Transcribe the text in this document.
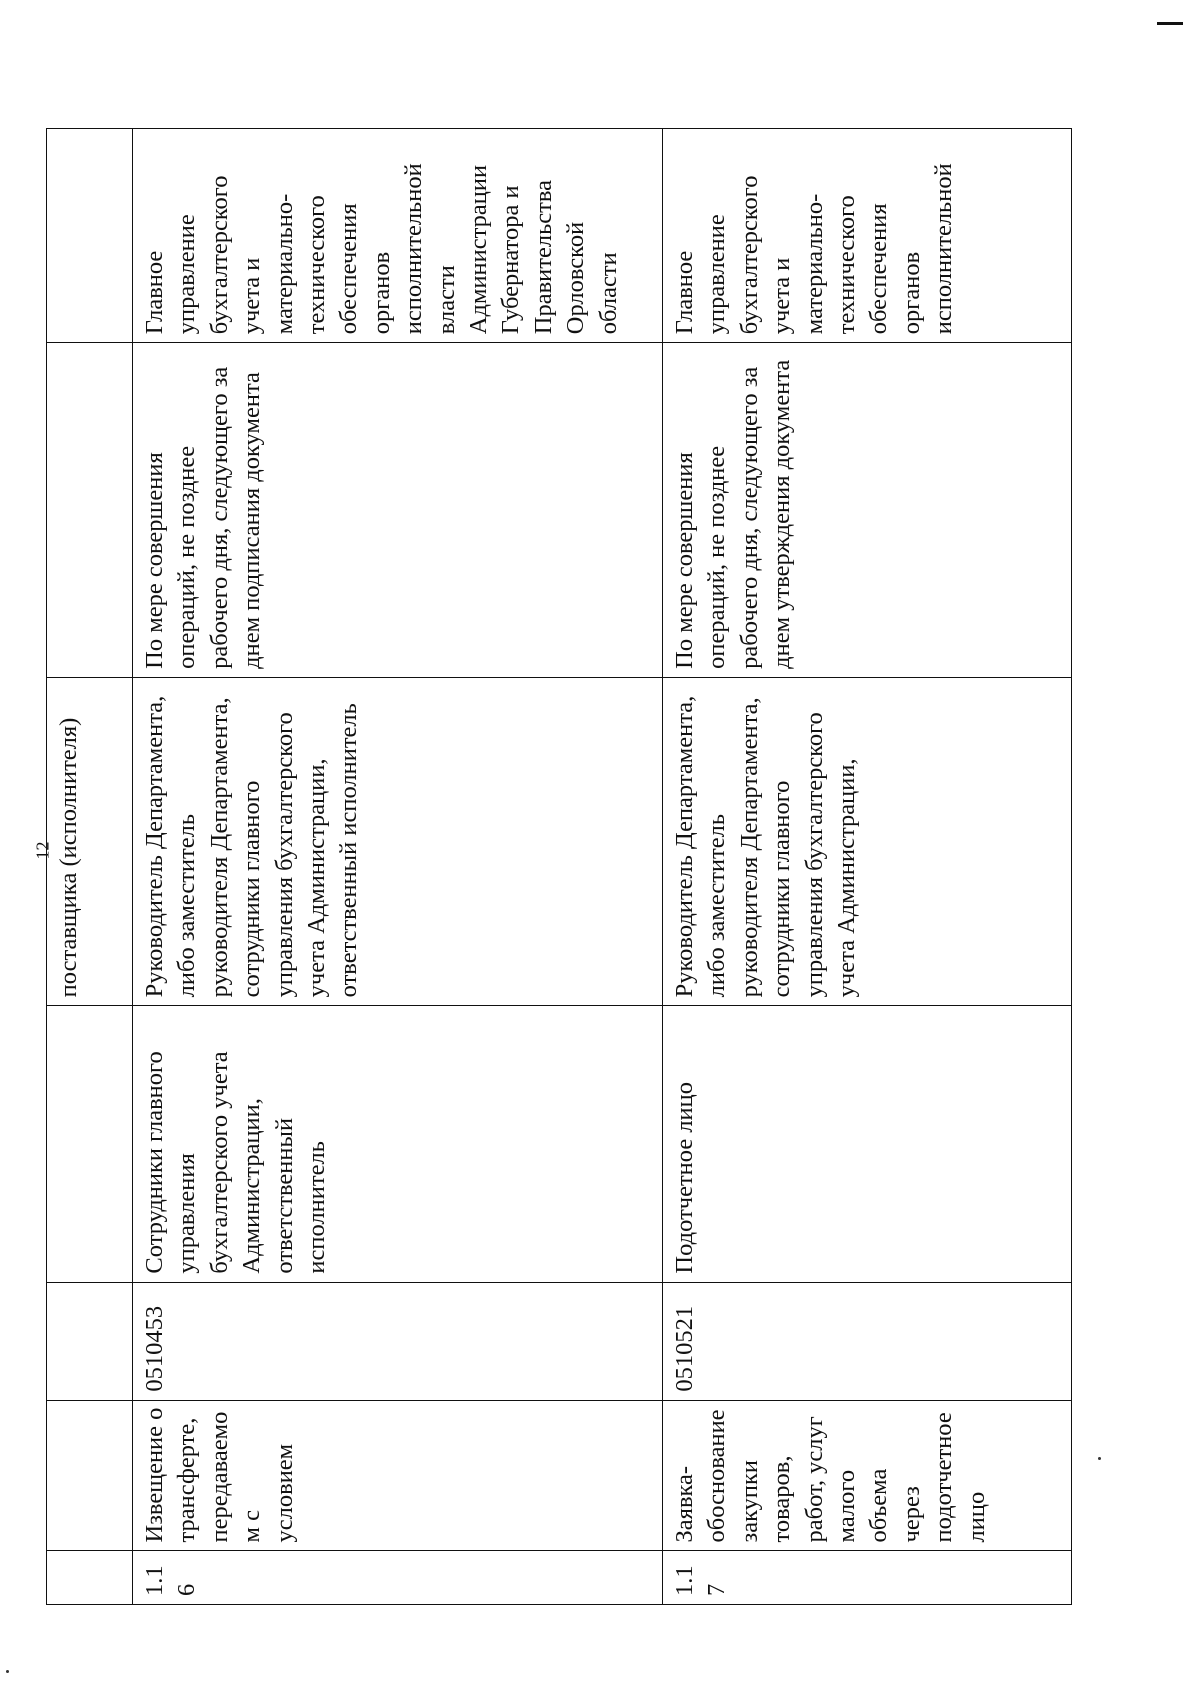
12
				поставщика (исполнителя)		
1.16	Извещение о трансферте, передаваемом с условием	0510453	Сотрудники главного управления бухгалтерского учета Администрации, ответственный исполнитель	Руководитель Департамента, либо заместитель руководителя Департамента, сотрудники главного управления бухгалтерского учета Администрации, ответственный исполнитель	По мере совершения операций, не позднее рабочего дня, следующего за днем подписания документа	Главное управление бухгалтерского учета и материально-технического обеспечения органов исполнительной власти Администрации Губернатора и Правительства Орловской области
1.17	Заявка-обоснование закупки товаров, работ, услуг малого объема через подотчетное лицо	0510521	Подотчетное лицо	Руководитель Департамента, либо заместитель руководителя Департамента, сотрудники главного управления бухгалтерского учета Администрации,	По мере совершения операций, не позднее рабочего дня, следующего за днем утверждения документа	Главное управление бухгалтерского учета и материально-технического обеспечения органов исполнительной
